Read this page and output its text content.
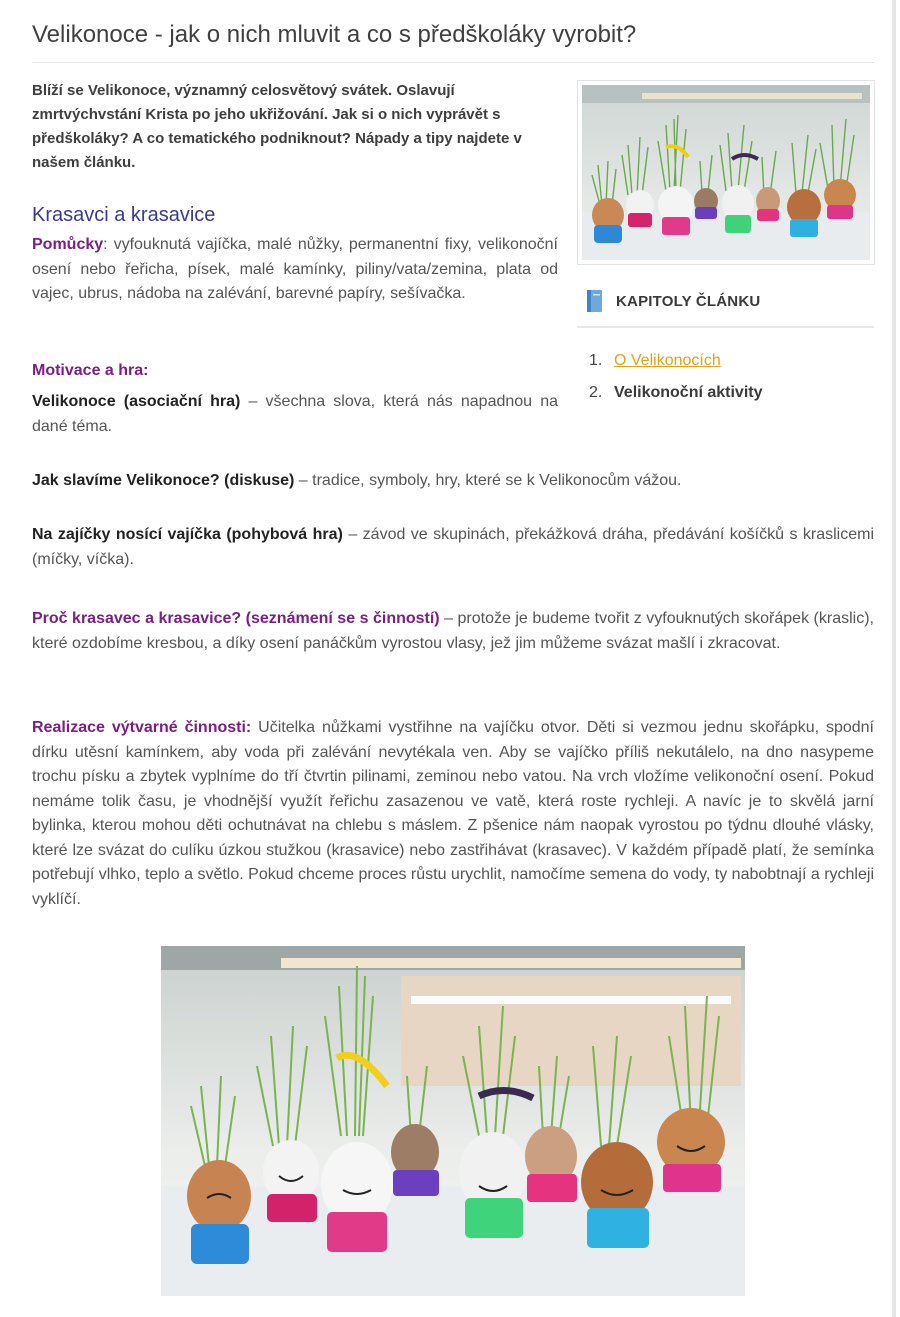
Velikonoce - jak o nich mluvit a co s předškoláky vyrobit?

Blíží se Velikonoce, významný celosvětový svátek. Oslavují zmrtvýchvstání Krista po jeho ukřižování. Jak si o nich vyprávět s předškoláky? A co tematického podniknout? Nápady a tipy najdete v našem článku.

KAPITOLY ČLÁNKU
1. O Velikonocích
2. Velikonoční aktivity
Krasavci a krasavice

Pomůcky: vyfouknutá vajíčka, malé nůžky, permanentní fixy, velikonoční osení nebo řeřicha, písek, malé kamínky, piliny/vata/zemina, plata od vajec, ubrus, nádoba na zalévání, barevné papíry, sešívačka.

Motivace a hra:

Velikonoce (asociační hra) – všechna slova, která nás napadnou na dané téma.

Jak slavíme Velikonoce? (diskuse) – tradice, symboly, hry, které se k Velikonocům vážou.

Na zajíčky nosící vajíčka (pohybová hra) – závod ve skupinách, překážková dráha, předávání košíčků s kraslicemi (míčky, víčka).

Proč krasavec a krasavice? (seznámení se s činností) – protože je budeme tvořit z vyfouknutých skořápek (kraslic), které ozdobíme kresbou, a díky osení panáčkům vyrostou vlasy, jež jim můžeme svázat mašlí i zkracovat.

Realizace výtvarné činnosti: Učitelka nůžkami vystřihne na vajíčku otvor. Děti si vezmou jednu skořápku, spodní dírku utěsní kamínkem, aby voda při zalévání nevytékala ven. Aby se vajíčko příliš nekutálelo, na dno nasypeme trochu písku a zbytek vyplníme do tří čtvrtin pilinami, zeminou nebo vatou. Na vrch vložíme velikonoční osení. Pokud nemáme tolik času, je vhodnější využít řeřichu zasazenou ve vatě, která roste rychleji. A navíc je to skvělá jarní bylinka, kterou mohou děti ochutnávat na chlebu s máslem. Z pšenice nám naopak vyrostou po týdnu dlouhé vlásky, které lze svázat do culíku úzkou stužkou (krasavice) nebo zastřihávat (krasavec). V každém případě platí, že semínka potřebují vlhko, teplo a světlo. Pokud chceme proces růstu urychlit, namočíme semena do vody, ty nabobtnají a rychleji vyklíčí.
